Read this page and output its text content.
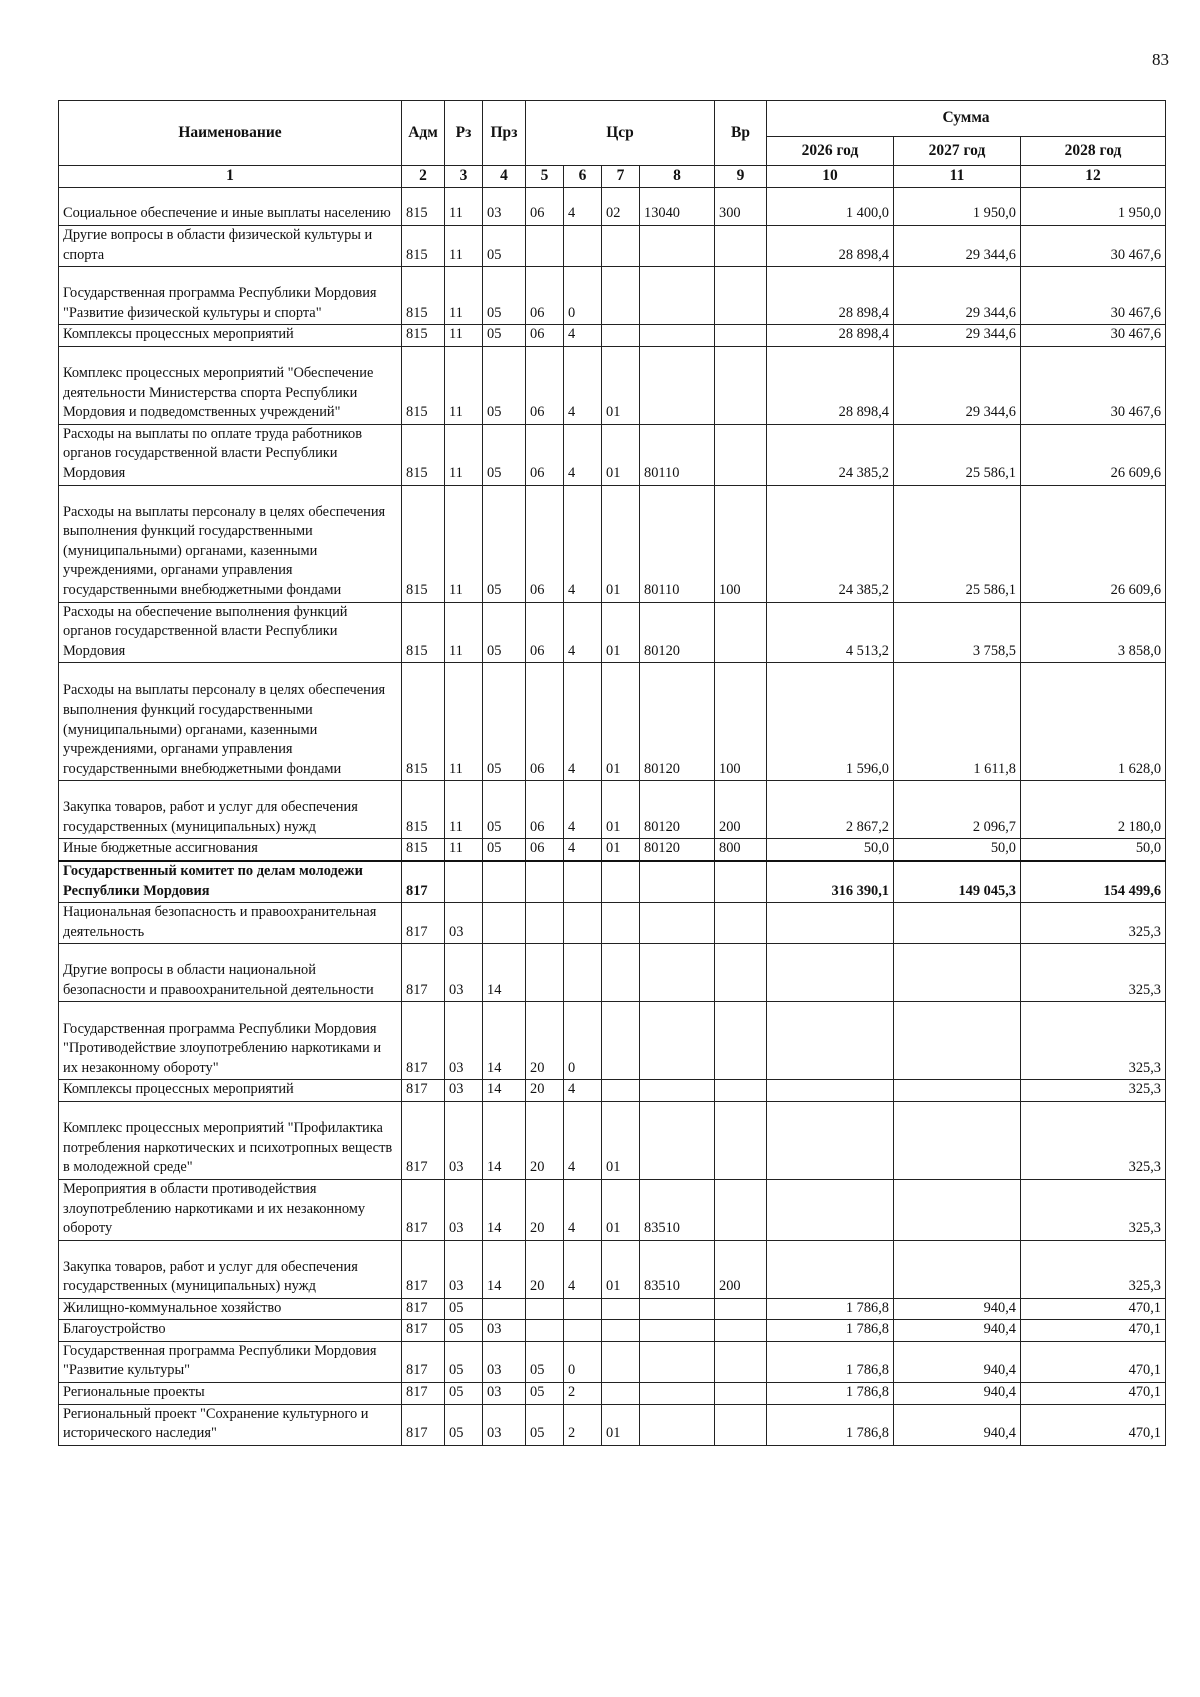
83
Наименование	Адм	Рз	Прз	Цср				Вр	Сумма		
									2026 год	2027 год	2028 год
1	2	3	4	5	6	7	8	9	10	11	12
Социальное обеспечение и иные выплаты населению	815	11	03	06	4	02	13040	300	1 400,0	1 950,0	1 950,0
Другие вопросы в области физической культуры и спорта	815	11	05						28 898,4	29 344,6	30 467,6
Государственная программа Республики Мордовия "Развитие физической культуры и спорта"	815	11	05	06	0				28 898,4	29 344,6	30 467,6
Комплексы процессных мероприятий	815	11	05	06	4				28 898,4	29 344,6	30 467,6
Комплекс процессных мероприятий "Обеспечение деятельности Министерства спорта Республики Мордовия и подведомственных учреждений"	815	11	05	06	4	01			28 898,4	29 344,6	30 467,6
Расходы на выплаты по оплате труда работников органов государственной власти Республики Мордовия	815	11	05	06	4	01	80110		24 385,2	25 586,1	26 609,6
Расходы на выплаты персоналу в целях обеспечения выполнения функций государственными (муниципальными) органами, казенными учреждениями, органами управления государственными внебюджетными фондами	815	11	05	06	4	01	80110	100	24 385,2	25 586,1	26 609,6
Расходы на обеспечение выполнения функций органов государственной власти Республики Мордовия	815	11	05	06	4	01	80120		4 513,2	3 758,5	3 858,0
Расходы на выплаты персоналу в целях обеспечения выполнения функций государственными (муниципальными) органами, казенными учреждениями, органами управления государственными внебюджетными фондами	815	11	05	06	4	01	80120	100	1 596,0	1 611,8	1 628,0
Закупка товаров, работ и услуг для обеспечения государственных (муниципальных) нужд	815	11	05	06	4	01	80120	200	2 867,2	2 096,7	2 180,0
Иные бюджетные ассигнования	815	11	05	06	4	01	80120	800	50,0	50,0	50,0
Государственный комитет по делам молодежи Республики Мордовия	817								316 390,1	149 045,3	154 499,6
Национальная безопасность и правоохранительная деятельность	817	03									325,3
Другие вопросы в области национальной безопасности и правоохранительной деятельности	817	03	14								325,3
Государственная программа Республики Мордовия "Противодействие злоупотреблению наркотиками и их незаконному обороту"	817	03	14	20	0						325,3
Комплексы процессных мероприятий	817	03	14	20	4						325,3
Комплекс процессных мероприятий "Профилактика потребления наркотических и психотропных веществ в молодежной среде"	817	03	14	20	4	01					325,3
Мероприятия в области противодействия злоупотреблению наркотиками и их незаконному обороту	817	03	14	20	4	01	83510				325,3
Закупка товаров, работ и услуг для обеспечения государственных (муниципальных) нужд	817	03	14	20	4	01	83510	200			325,3
Жилищно-коммунальное хозяйство	817	05							1 786,8	940,4	470,1
Благоустройство	817	05	03						1 786,8	940,4	470,1
Государственная программа Республики Мордовия "Развитие культуры"	817	05	03	05	0				1 786,8	940,4	470,1
Региональные проекты	817	05	03	05	2				1 786,8	940,4	470,1
Региональный проект "Сохранение культурного и исторического наследия"	817	05	03	05	2	01			1 786,8	940,4	470,1
